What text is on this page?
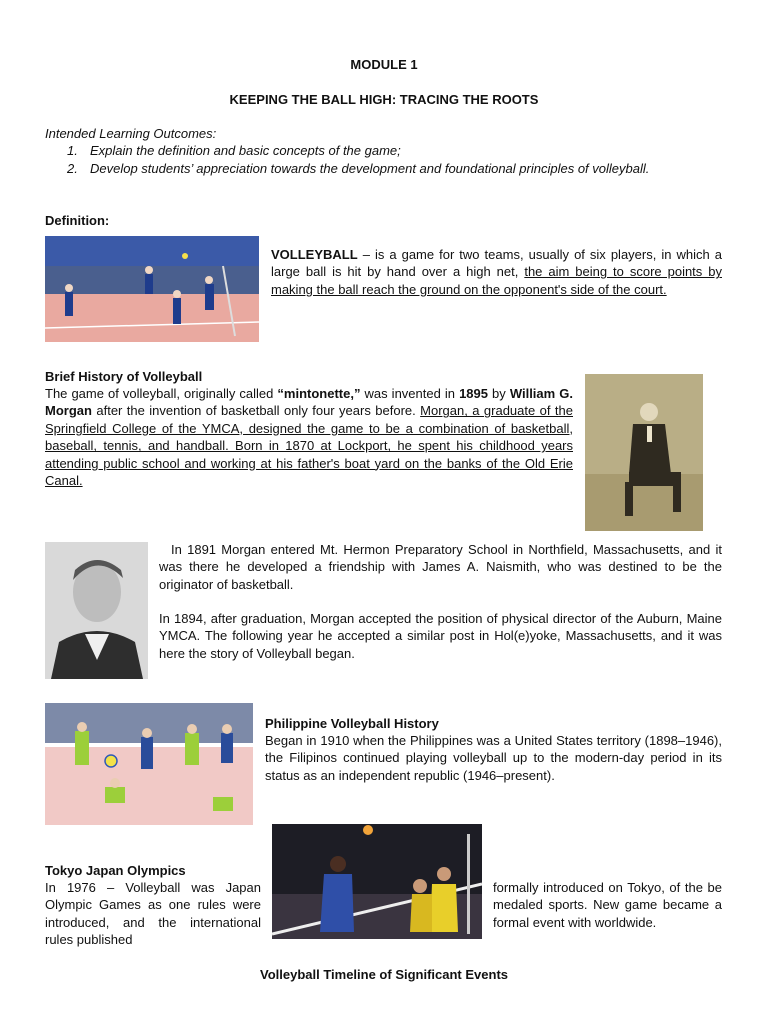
MODULE 1
KEEPING THE BALL HIGH: TRACING THE ROOTS
Intended Learning Outcomes:
1. Explain the definition and basic concepts of the game;
2. Develop students’ appreciation towards the development and foundational principles of volleyball.
Definition:
VOLLEYBALL – is a game for two teams, usually of six players, in which a large ball is hit by hand over a high net, the aim being to score points by making the ball reach the ground on the opponent's side of the court.
Brief History of Volleyball
The game of volleyball, originally called “mintonette,” was invented in 1895 by William G. Morgan after the invention of basketball only four years before. Morgan, a graduate of the Springfield College of the YMCA, designed the game to be a combination of basketball, baseball, tennis, and handball. Born in 1870 at Lockport, he spent his childhood years attending public school and working at his father's boat yard on the banks of the Old Erie Canal.
In 1891 Morgan entered Mt. Hermon Preparatory School in Northfield, Massachusetts, and it was there he developed a friendship with James A. Naismith, who was destined to be the originator of basketball.
In 1894, after graduation, Morgan accepted the position of physical director of the Auburn, Maine YMCA. The following year he accepted a similar post in Hol(e)yoke, Massachusetts, and it was here the story of Volleyball began.
Philippine Volleyball History
Began in 1910 when the Philippines was a United States territory (1898–1946), the Filipinos continued playing volleyball up to the modern-day period in its status as an independent republic (1946–present).
Tokyo Japan Olympics
In 1976 – Volleyball was Japan Olympic Games as one rules were introduced, and the international rules published
formally introduced on Tokyo, of the be medaled sports. New game became a formal event with worldwide.
Volleyball Timeline of Significant Events
